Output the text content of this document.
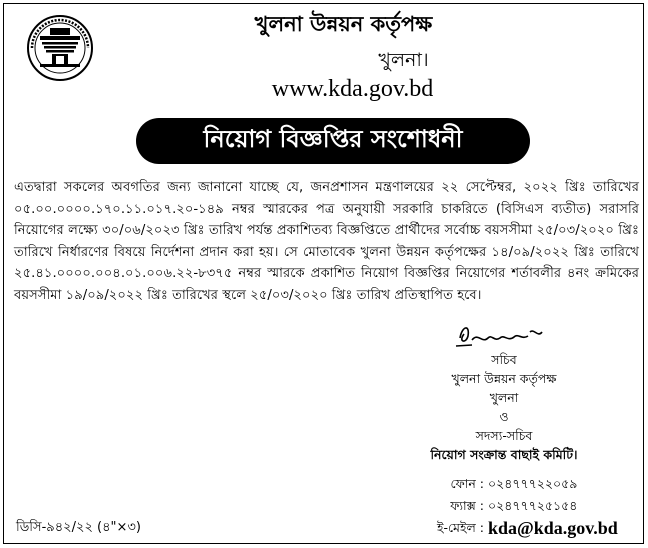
খুলনা উন্নয়ন কর্তৃপক্ষ
খুলনা।
www.kda.gov.bd
নিয়োগ বিজ্ঞপ্তির সংশোধনী

এতদ্বারা সকলের অবগতির জন্য জানানো যাচ্ছে যে, জনপ্রশাসন মন্ত্রণালয়ের ২২ সেপ্টেম্বর, ২০২২ খ্রিঃ তারিখের ০৫.০০.০০০০.১৭০.১১.০১৭.২০-১৪৯ নম্বর স্মারকের পত্র অনুযায়ী সরকারি চাকরিতে (বিসিএস ব্যতীত) সরাসরি নিয়োগের লক্ষ্যে ৩০/০৬/২০২৩ খ্রিঃ তারিখ পর্যন্ত প্রকাশিতব্য বিজ্ঞপ্তিতে প্রার্থীদের সর্বোচ্চ বয়সসীমা ২৫/০৩/২০২০ খ্রিঃ তারিখে নির্ধারণের বিষয়ে নির্দেশনা প্রদান করা হয়। সে মোতাবেক খুলনা উন্নয়ন কর্তৃপক্ষের ১৪/০৯/২০২২ খ্রিঃ তারিখে ২৫.৪১.০০০০.০০৪.০১.০০৬.২২-৮৩৭৫ নম্বর স্মারকে প্রকাশিত নিয়োগ বিজ্ঞপ্তির নিয়োগের শর্তাবলীর ৪নং ক্রমিকের বয়সসীমা ১৯/০৯/২০২২ খ্রিঃ তারিখের স্থলে ২৫/০৩/২০২০ খ্রিঃ তারিখ প্রতিস্থাপিত হবে।

সচিব
খুলনা উন্নয়ন কর্তৃপক্ষ
খুলনা
ও
সদস্য-সচিব
নিয়োগ সংক্রান্ত বাছাই কমিটি।
ফোন : ০২৪৭৭৭২২০৫৯
ফ্যাক্স : ০২৪৭৭৭২৫১৫৪
ই-মেইল : kda@kda.gov.bd
ডিসি-৯৪২/২২ (৪"×৩)
